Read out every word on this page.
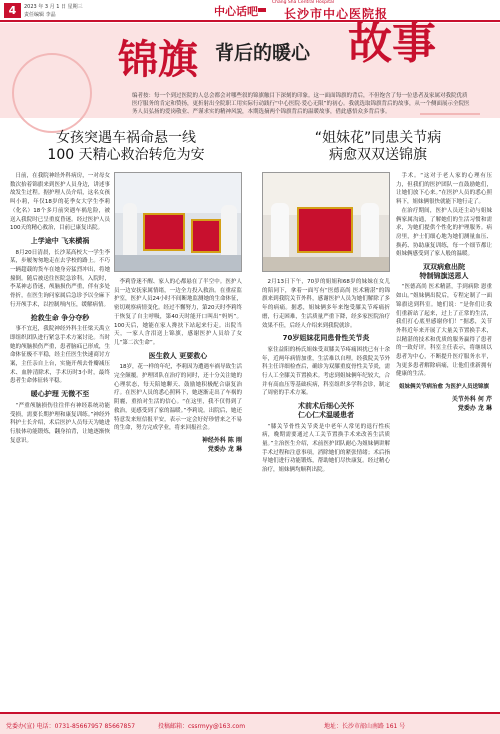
4	2023 年 3 月 1 日 星期三
责任编辑 李晶	中心话吧
Chang Sha Central Hospital
长沙市中心医院报
锦旗 背后的暖心 故事
编者按：每一个到过医院的人总会都会对哪些叙的锦旗触目下深刻的印象。这一面面锦旗的背后，不但饱含了每一位患者及家属对我院优质医疗服务的肯定和赞扬，更折射出全院职工用实际行动践行“中心医院·爱心无限”的初心。我就选取锦旗背后的故事，从一个侧面展示全院医务人员弘扬的爱岗敬业、严谨求实的精神风貌，本期选摘两个锦旗背后的温暖故事，借此感悟众多背后事。
女孩突遇车祸命悬一线
100 天精心救治转危为安
“姐妹花”同患关节病
病愈双双送锦旗

日前，在我院神经外科病房，一对母女数次抬着锦旗来到医护人员身边，讲述事故发生过程。据护理人员介绍，这名女孩叫小莉，年仅18岁的花季女大学生李莉（化名）18个多月前突遇车祸危险，被送入我院时已呈重度昏迷。经过医护人员100天的精心救治，目前已康复出院。

上学途中 飞来横祸

8月20日清晨，长沙某高校大一学生李某，步履匆匆地走在去学校的路上。不巧一辆超载的货车在她身旁猛烈冲出，将她撞倒。随后被送往医院急诊科。入院时，李某神志昏迷，颅脑损伤严重，伴有多处骨折，在医生询问家属后急诊予以全麻下行开颅手术，以控制颅内压，缓解病情。

抢救生命 争分夺秒

事不宜迟，我院神经外科主任梁天禹立即组织团队进行紧急手术方案讨论。当时她的颅脑损伤严重，患者脑疝已形成，生命体征极不平稳，经主任医生快速商讨方案，主任亲自上台，实施开颅去骨瓣减压术、血肿清除术，手术历时3小时，最终患者生命体征转平稳。

暖心护理 无微不至

“严重颅脑损伤往往伴有神经系统功能受损，需要长期护理和康复训练。”神经外科护士长介绍，术后医护人员每天为她进行肢体功能锻炼，翻身拍背，让她逐渐恢复意识。

李莉昏迷不醒、家人的心都悬在了半空中。医护人员一边安抚家属情绪，一边全力投入救治。在重症监护室，医护人员24小时不间断地监测她的生命体征，密切观察病情变化。经过不懈努力，第20天时李莉终于恢复了自主呼吸，第40天时能开口叫出“妈妈”。100天后，她能在家人搀扶下站起来行走。出院当天，一家人含泪送上锦旗，感谢医护人员给了女儿“第二次生命”。

医生救人 更要救心

18岁，花一样的年纪，李莉因为遭遇车祸导致生活完全颠覆。护理团队在治疗的同时，还十分关注她的心理状态，每天陪她聊天、鼓励她积极配合康复治疗。在医护人员的悉心照料下，她逐渐走出了车祸的阴霾，重拾对生活的信心。“在这里，我不仅得到了救治，更感受到了家的温暖。”李莉说。出院后，她还特意发来短信报平安，表示一定会好好珍惜来之不易的生命，努力完成学业，将来回报社会。

神经外科 陈 刚
党委办 龙 琳

2月13日下午，70岁的姐姐和68岁的妹妹在女儿的陪同下，拿着一面写有“医德高尚 医术精湛”的锦旗来到我院关节外科，感谢医护人员为她们解除了多年的病痛。据悉，姐妹俩多年来饱受膝关节疼痛折磨，行走困难，生活质量严重下降，经多家医院治疗效果不佳，后经人介绍来到我院就诊。

70岁姐妹花同患骨性关节炎

家住益阳的杨氏姐妹受双膝关节疼痛困扰已有十余年，近两年病情加重，生活难以自理。经我院关节外科主任详细检查后，确诊为双膝重度骨性关节炎，需行人工全膝关节置换术。考虑到姐妹俩年纪较大，合并有高血压等基础疾病，科室组织多学科会诊，制定了周密的手术方案。

术前术后细心关怀
仁心仁术温暖患者

“膝关节骨性关节炎是中老年人常见的退行性疾病，晚期需要通过人工关节置换手术来改善生活质量。”主治医生介绍，术前医护团队耐心为姐妹俩讲解手术过程和注意事项，消除她们的紧张情绪；术后指导她们进行功能锻炼，帮助她们尽快康复。经过精心治疗，姐妹俩均顺利出院。

手术。“这对于老人家的心理有压力，但我们的医护团队一直鼓励她们，让她们放下心来。”在医护人员的悉心照料下，姐妹俩很快就能下地行走了。

在治疗期间，医护人员还主动与姐妹俩家属沟通，了解她们的生活习惯和需求，为她们提供个性化的护理服务。病房里，护士们细心地为她们测量血压、换药、协助康复训练，每一个细节都让姐妹俩感受到了家人般的温暖。

双双病愈出院
特制锦旗送恩人

“医德高尚 医术精湛，手到病除 恩重如山。”姐妹俩出院后，专程定制了一面锦旗送到科室。她们说：“是你们让我们重新站了起来，过上了正常的生活，我们打心底里感谢你们！”据悉，关节外科近年来开展了大量关节置换手术，以精湛的技术和优质的服务赢得了患者的一致好评。科室主任表示，将继续以患者为中心，不断提升医疗服务水平，为更多患者解除病痛，让他们重新拥有健康的生活。

姐妹俩关节病治愈 为医护人员送锦旗
关节外科 何 芹
党委办 龙 琳
党委办(宣) 电话：0731-85667957 85667857	投稿邮箱：cssrmyy@163.com	地址：长沙市韶山南路 161 号
